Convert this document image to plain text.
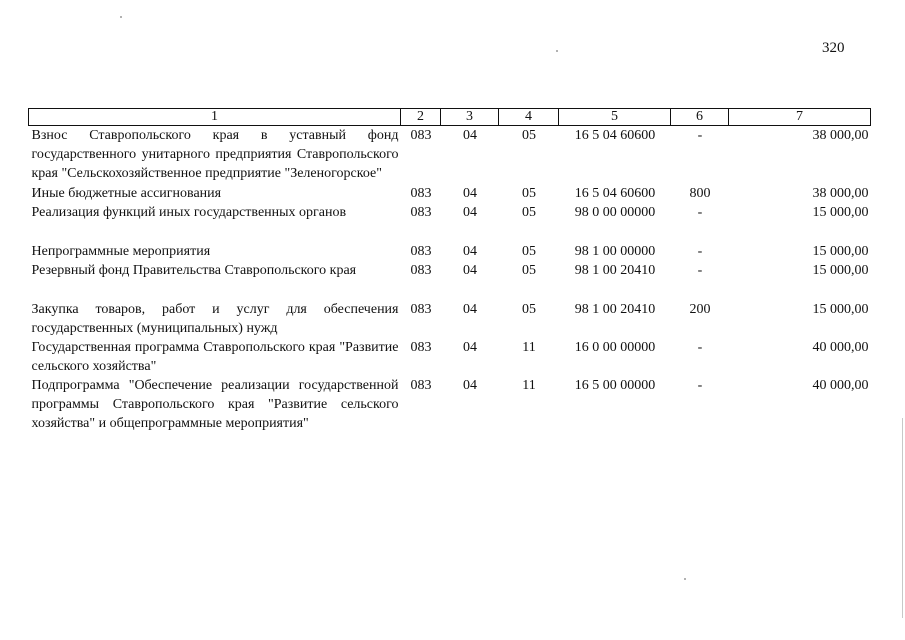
320
1	2	3	4	5	6	7
Взнос Ставропольского края в уставный фонд государственного унитарного предприятия Ставропольского края "Сельскохозяйственное предприятие "Зеленогорское"	083	04	05	16 5 04 60600	-	38 000,00
Иные бюджетные ассигнования	083	04	05	16 5 04 60600	800	38 000,00
Реализация функций иных государственных органов	083	04	05	98 0 00 00000	-	15 000,00
Непрограммные мероприятия	083	04	05	98 1 00 00000	-	15 000,00
Резервный фонд Правительства Ставропольского края	083	04	05	98 1 00 20410	-	15 000,00
Закупка товаров, работ и услуг для обеспечения государственных (муниципальных) нужд	083	04	05	98 1 00 20410	200	15 000,00
Государственная программа Ставропольского края "Развитие сельского хозяйства"	083	04	11	16 0 00 00000	-	40 000,00
Подпрограмма "Обеспечение реализации государственной программы Ставропольского края "Развитие сельского хозяйства" и общепрограммные мероприятия"	083	04	11	16 5 00 00000	-	40 000,00
